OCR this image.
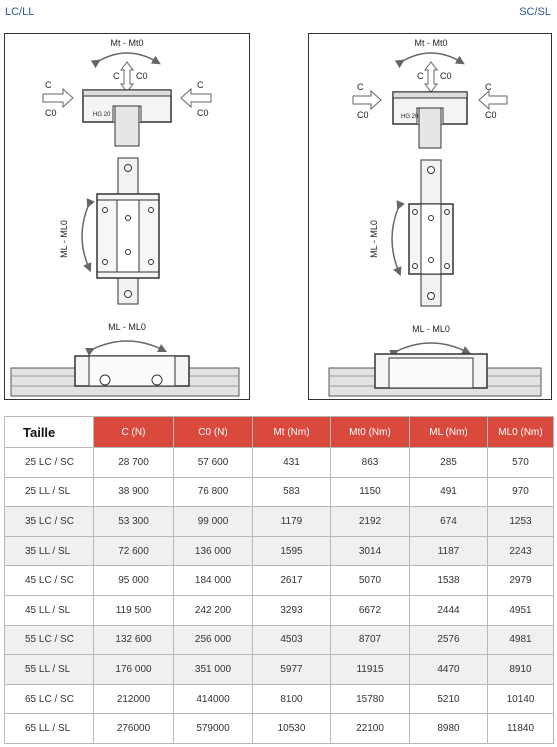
LC/LL	SC/SL
Mt - Mt0
C C0
C
C0
C
C0
HG 20
ML - ML0
ML - ML0
Mt - Mt0
C C0
C
C0
C
C0
HG 20
ML - ML0
ML - ML0
Taille	C (N)	C0 (N)	Mt (Nm)	Mt0 (Nm)	ML (Nm)	ML0 (Nm)
25 LC / SC	28 700	57 600	431	863	285	570
25 LL / SL	38 900	76 800	583	1150	491	970
35 LC / SC	53 300	99 000	1179	2192	674	1253
35 LL / SL	72 600	136 000	1595	3014	1187	2243
45 LC / SC	95 000	184 000	2617	5070	1538	2979
45 LL / SL	119 500	242 200	3293	6672	2444	4951
55 LC / SC	132 600	256 000	4503	8707	2576	4981
55 LL / SL	176 000	351 000	5977	11915	4470	8910
65 LC / SC	212000	414000	8100	15780	5210	10140
65 LL / SL	276000	579000	10530	22100	8980	11840
